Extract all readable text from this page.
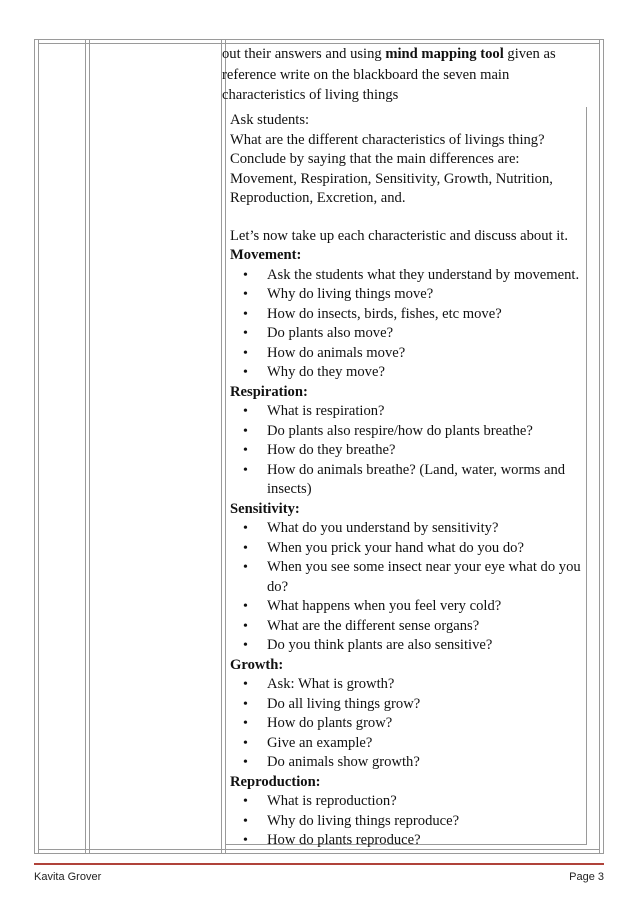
out their answers and using mind mapping tool given as
reference write on the blackboard the seven main
characteristics of living things

Ask students:

What are the different characteristics of livings thing?

Conclude by saying that the main differences are:

Movement, Respiration, Sensitivity, Growth, Nutrition,

Reproduction, Excretion, and.

Let’s now take up each characteristic and discuss about it.

Movement:

• Ask the students what they understand by movement.
• Why do living things move?
• How do insects, birds, fishes, etc move?
• Do plants also move?
• How do animals move?
• Why do they move?

Respiration:

• What is respiration?
• Do plants also respire/how do plants breathe?
• How do they breathe?
• How do animals breathe? (Land, water, worms and insects)

Sensitivity:

• What do you understand by sensitivity?
• When you prick your hand what do you do?
• When you see some insect near your eye what do you do?
• What happens when you feel very cold?
• What are the different sense organs?
• Do you think plants are also sensitive?

Growth:

• Ask: What is growth?
• Do all living things grow?
• How do plants grow?
• Give an example?
• Do animals show growth?

Reproduction:

• What is reproduction?
• Why do living things reproduce?
• How do plants reproduce?
Kavita Grover	Page 3
